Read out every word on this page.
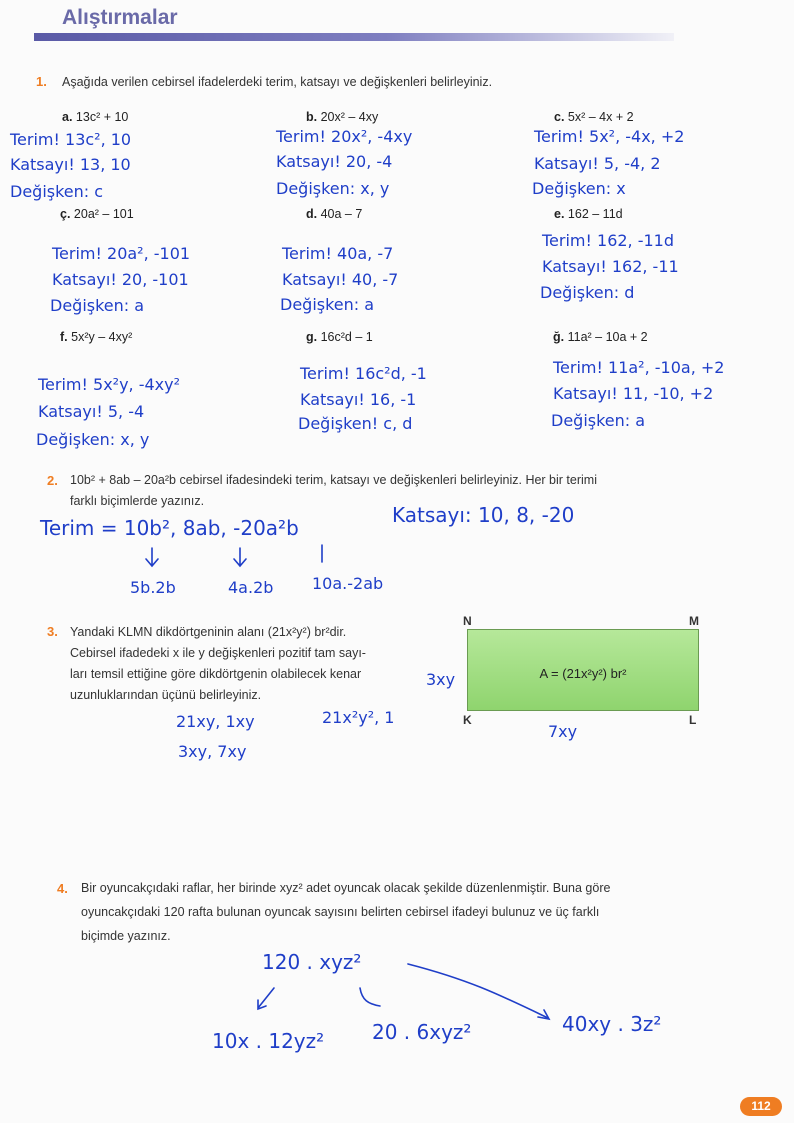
Alıştırmalar
1. Aşağıda verilen cebirsel ifadelerdeki terim, katsayı ve değişkenleri belirleyiniz.
a. 13c² + 10
Terim! 13c², 10
Katsayı! 13, 10
Değişken: c
b. 20x² – 4xy
Terim! 20x², -4xy
Katsayı! 20, -4
Değişken: x, y
c. 5x² – 4x + 2
Terim! 5x², -4x, +2
Katsayı! 5, -4, 2
Değişken: x
ç. 20a² – 101
Terim! 20a², -101
Katsayı! 20, -101
Değişken: a
d. 40a – 7
Terim! 40a, -7
Katsayı! 40, -7
Değişken: a
e. 162 – 11d
Terim! 162, -11d
Katsayı! 162, -11
Değişken: d
f. 5x²y – 4xy²
Terim! 5x²y, -4xy²
Katsayı! 5, -4
Değişken: x, y
g. 16c²d – 1
Terim! 16c²d, -1
Katsayı! 16, -1
Değişken! c, d
ğ. 11a² – 10a + 2
Terim! 11a², -10a, +2
Katsayı! 11, -10, +2
Değişken: a
2. 10b² + 8ab – 20a²b cebirsel ifadesindeki terim, katsayı ve değişkenleri belirleyiniz. Her bir terimi
farklı biçimlerde yazınız.
Terim = 10b², 8ab, -20a²b
Katsayı: 10, 8, -20
5b.2b	4a.2b 10a.-2ab
3. Yandaki KLMN dikdörtgeninin alanı (21x²y²) br²dir.
Cebirsel ifadedeki x ile y değişkenleri pozitif tam sayı-
ları temsil ettiğine göre dikdörtgenin olabilecek kenar
uzunluklarından üçünü belirleyiniz.
N	M
A = (21x²y²) br²
K	L
3xy
7xy
21xy, 1xy	21x²y², 1
3xy, 7xy
4. Bir oyuncakçıdaki raflar, her birinde xyz² adet oyuncak olacak şekilde düzenlenmiştir. Buna göre
oyuncakçıdaki 120 rafta bulunan oyuncak sayısını belirten cebirsel ifadeyi bulunuz ve üç farklı
biçimde yazınız.
120 . xyz²
10x . 12yz² 20 . 6xyz²	40xy . 3z²
112
